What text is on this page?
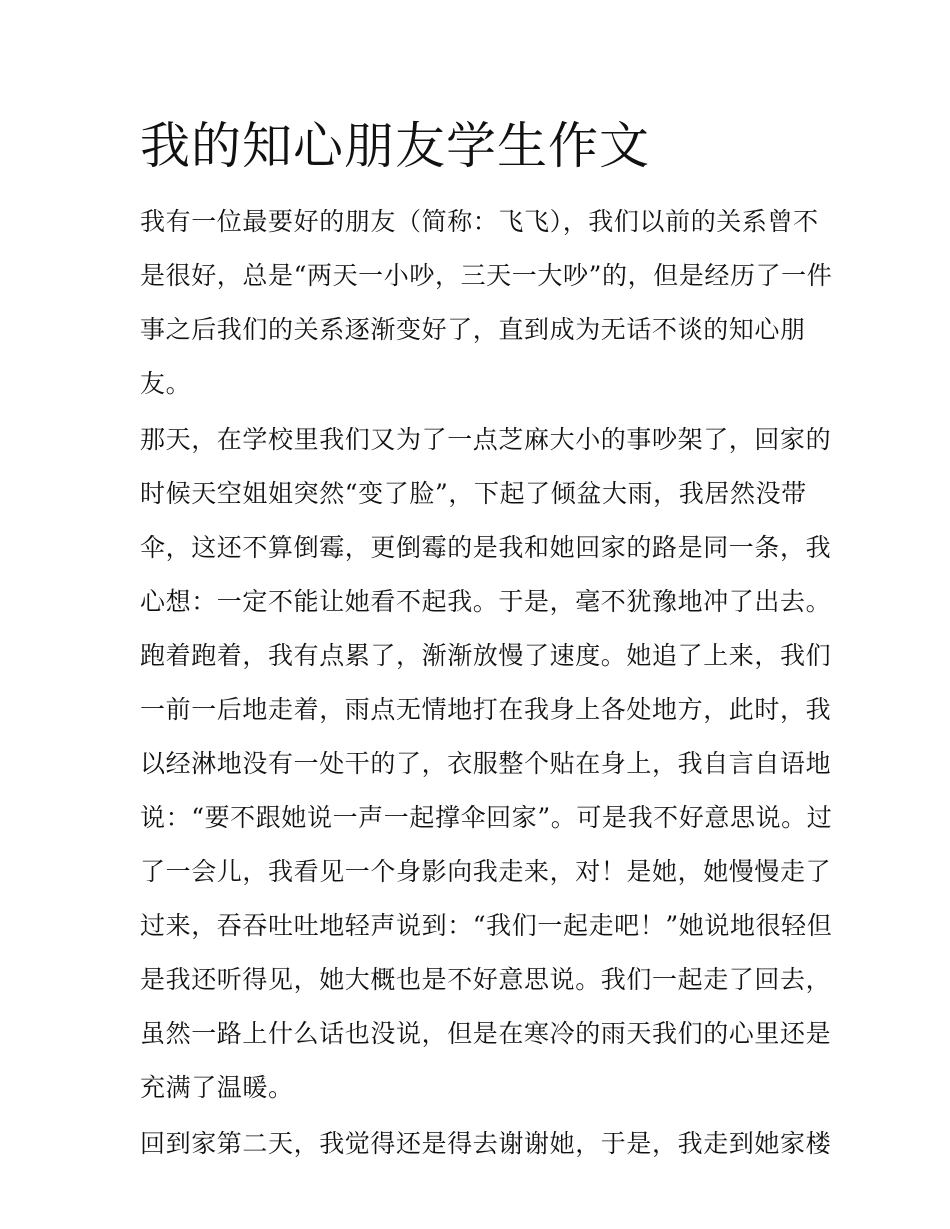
我的知心朋友学生作文
我有一位最要好的朋友（简称：飞飞），我们以前的关系曾不
是很好，总是“两天一小吵，三天一大吵”的，但是经历了一件
事之后我们的关系逐渐变好了，直到成为无话不谈的知心朋
友。
那天，在学校里我们又为了一点芝麻大小的事吵架了，回家的
时候天空姐姐突然“变了脸”，下起了倾盆大雨，我居然没带
伞，这还不算倒霉，更倒霉的是我和她回家的路是同一条，我
心想：一定不能让她看不起我。于是，毫不犹豫地冲了出去。
跑着跑着，我有点累了，渐渐放慢了速度。她追了上来，我们
一前一后地走着，雨点无情地打在我身上各处地方，此时，我
以经淋地没有一处干的了，衣服整个贴在身上，我自言自语地
说：“要不跟她说一声一起撑伞回家”。可是我不好意思说。过
了一会儿，我看见一个身影向我走来，对！是她，她慢慢走了
过来，吞吞吐吐地轻声说到：“我们一起走吧！”她说地很轻但
是我还听得见，她大概也是不好意思说。我们一起走了回去，
虽然一路上什么话也没说，但是在寒冷的雨天我们的心里还是
充满了温暖。
回到家第二天，我觉得还是得去谢谢她，于是，我走到她家楼
